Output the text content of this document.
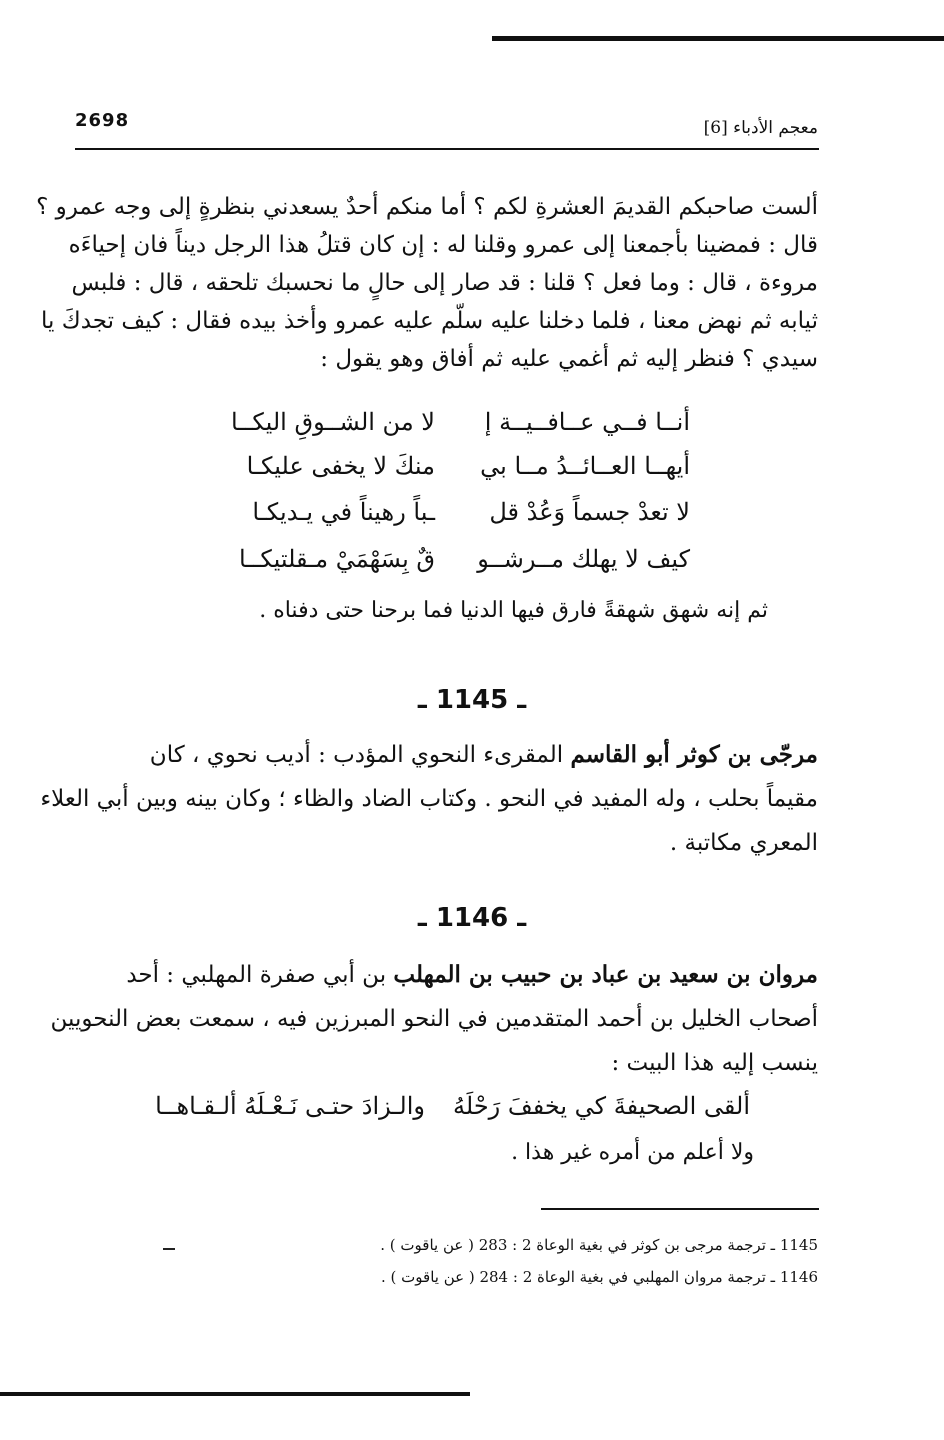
2698	معجم الأدباء [6]
ألست صاحبكم القديمَ العشرةِ لكم ؟ أما منكم أحدٌ يسعدني بنظرةٍ إلى وجه عمرو ؟
قال : فمضينا بأجمعنا إلى عمرو وقلنا له : إن كان قتلُ هذا الرجل ديناً فان إحياءَه
مروءة ، قال : وما فعل ؟ قلنا : قد صار إلى حالٍ ما نحسبك تلحقه ، قال : فلبس
ثيابه ثم نهض معنا ، فلما دخلنا عليه سلّم عليه عمرو وأخذ بيده فقال : كيف تجدكَ يا
سيدي ؟ فنظر إليه ثم أغمي عليه ثم أفاق وهو يقول :
أنــا فــي عــافــيــة إ
لا من الشــوقِ اليكــا
أيهــا العــائــدُ مــا بي
منكَ لا يخفى عليكـا
لا تعدْ جسماً وَعُدْ قل
ـباً رهيناً في يـديكـا
كيف لا يهلك مــرشــو
قٌ بِسَهْمَيْ مـقلتيكــا
ثم إنه شهق شهقةً فارق فيها الدنيا فما برحنا حتى دفناه .
ـ 1145 ـ
مرجّى بن كوثر أبو القاسم المقرىء النحوي المؤدب : أديب نحوي ، كان
مقيماً بحلب ، وله المفيد في النحو . وكتاب الضاد والظاء ؛ وكان بينه وبين أبي العلاء
المعري مكاتبة .
ـ 1146 ـ
مروان بن سعيد بن عباد بن حبيب بن المهلب بن أبي صفرة المهلبي : أحد
أصحاب الخليل بن أحمد المتقدمين في النحو المبرزين فيه ، سمعت بعض النحويين
ينسب إليه هذا البيت :
ألقى الصحيفةَ كي يخففَ رَحْلَهُ
والـزادَ حتـى نَـعْـلَهُ ألـقـاهــا
ولا أعلم من أمره غير هذا .
1145 ـ ترجمة مرجى بن كوثر في بغية الوعاة 2 : 283 ( عن ياقوت ) .
1146 ـ ترجمة مروان المهلبي في بغية الوعاة 2 : 284 ( عن ياقوت ) .
